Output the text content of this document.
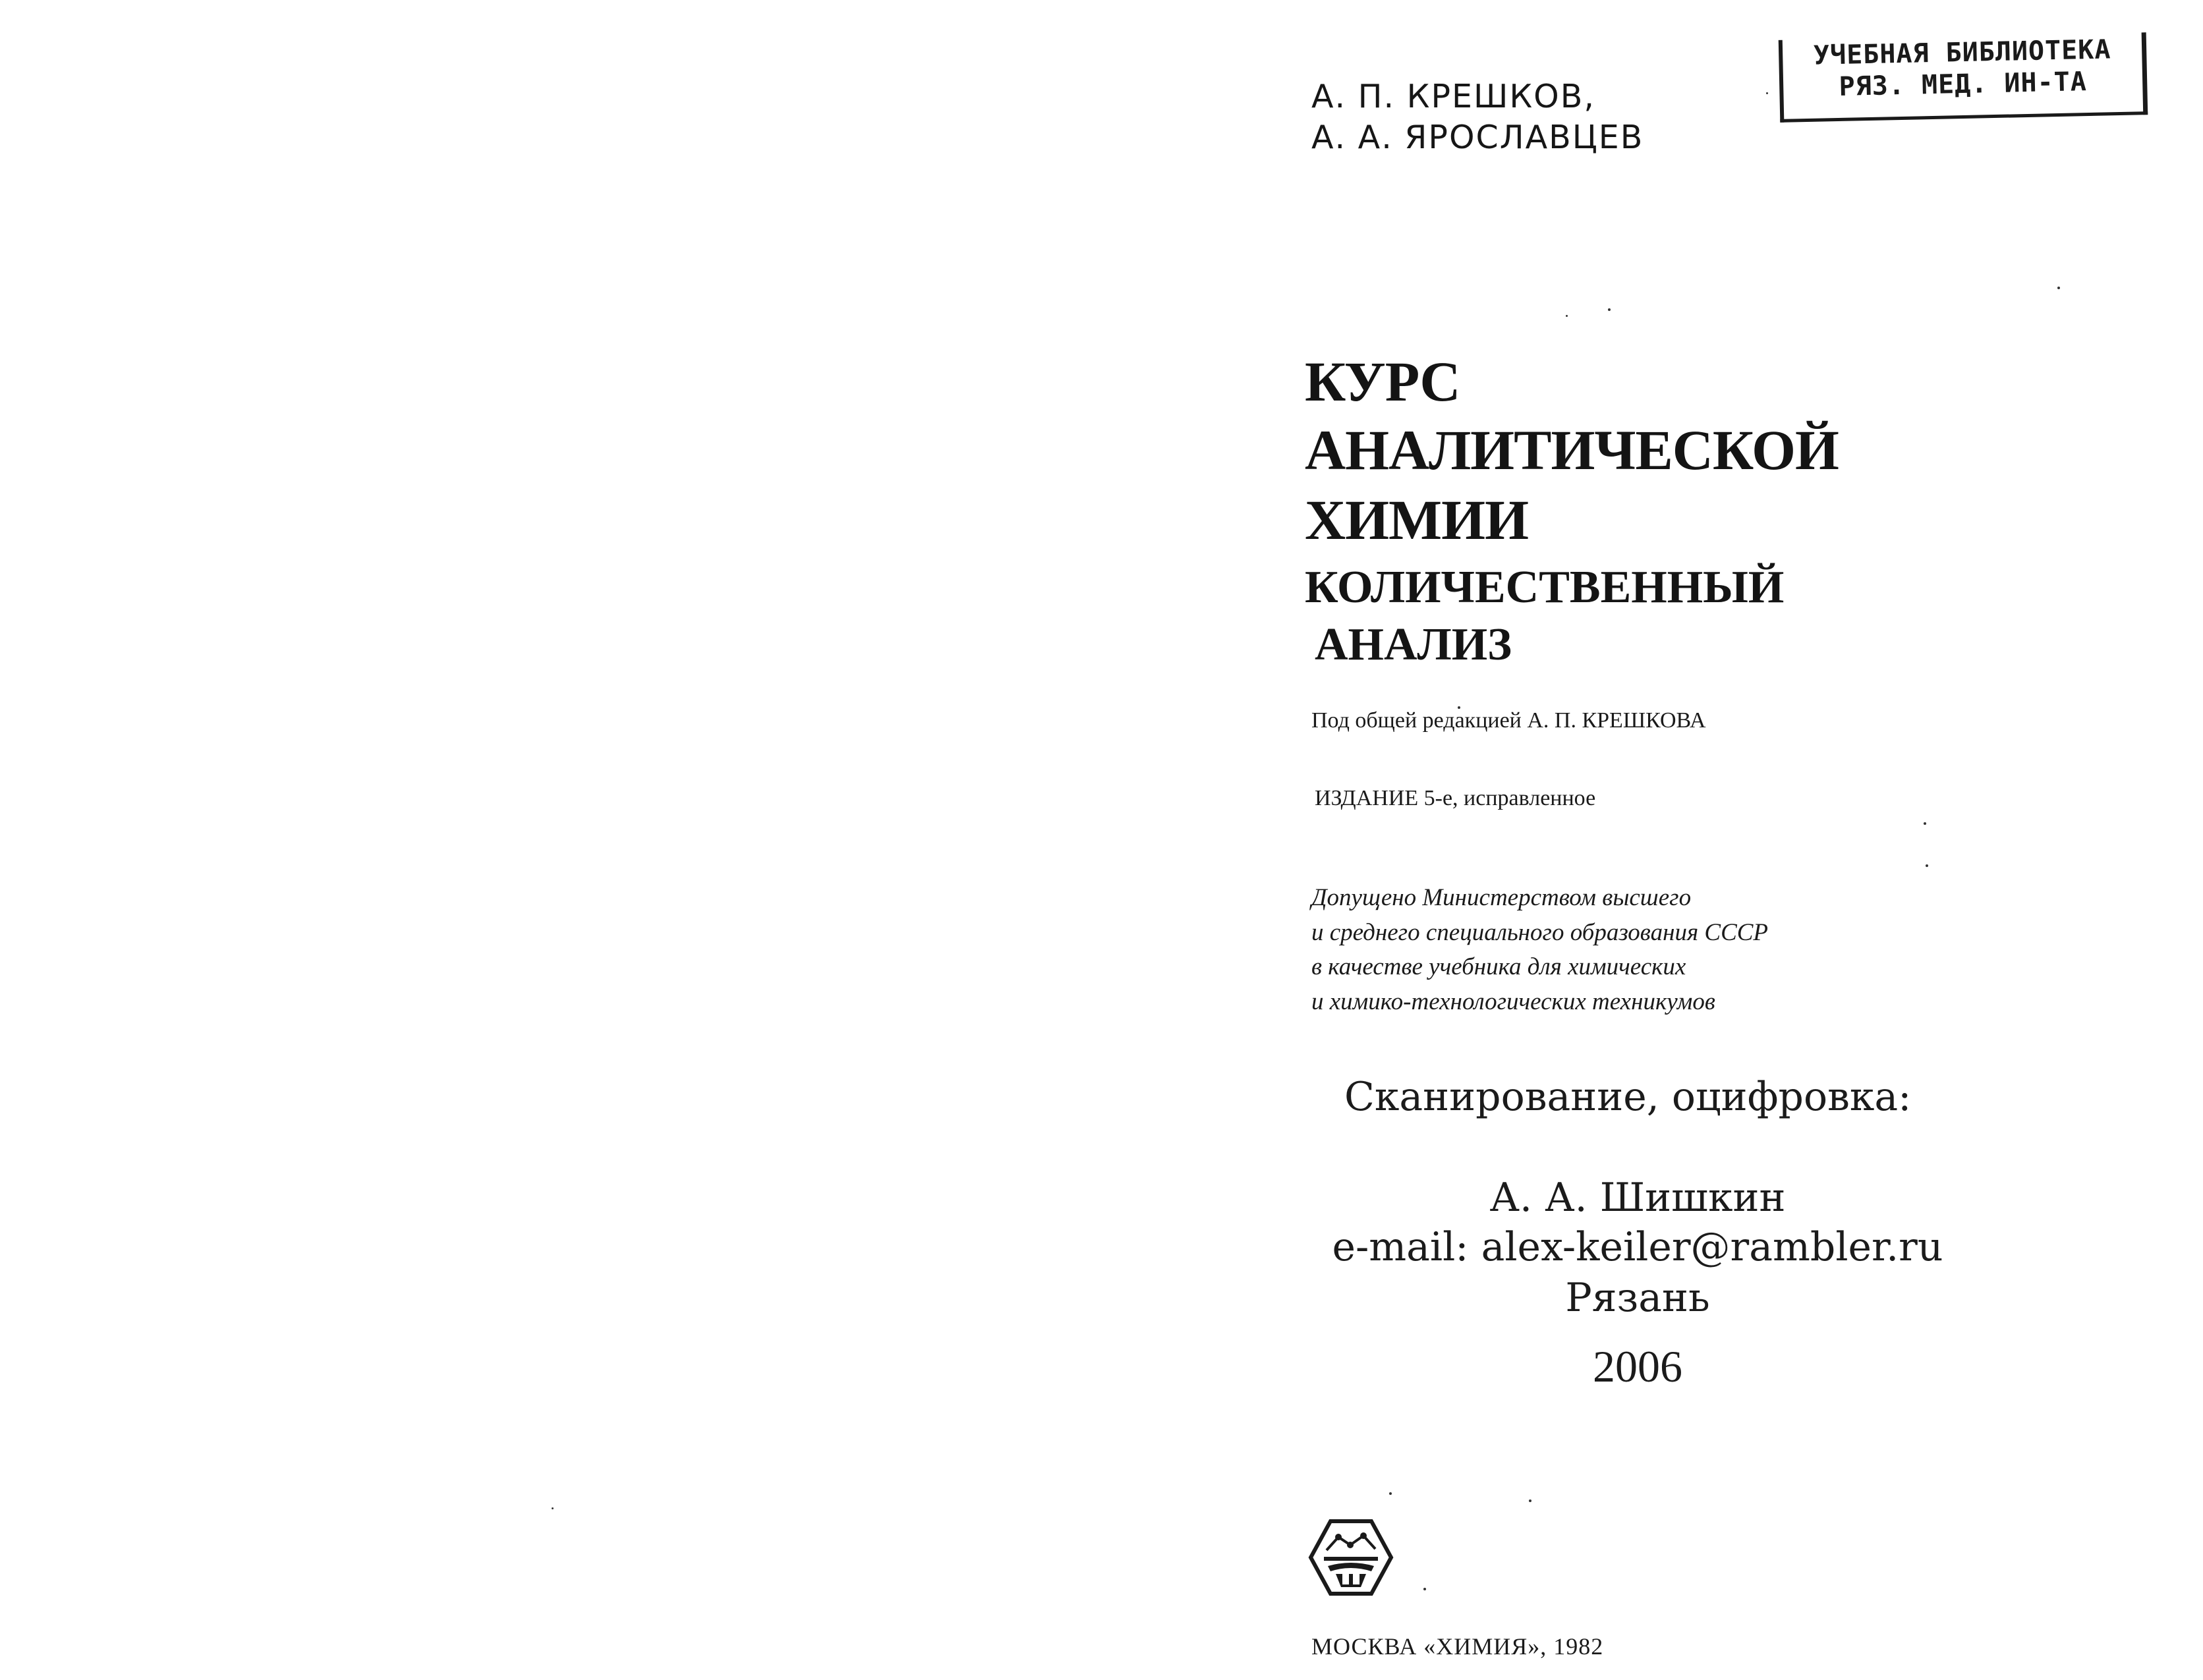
А. П. КРЕШКОВ,
А. А. ЯРОСЛАВЦЕВ
УЧЕБНАЯ БИБЛИОТЕКА
РЯЗ. МЕД. ИН-ТА
КУРС
АНАЛИТИЧЕСКОЙ
ХИМИИ
КОЛИЧЕСТВЕННЫЙ
АНАЛИЗ
Под общей редакцией А. П. КРЕШКОВА
ИЗДАНИЕ 5-е, исправленное
Допущено Министерством высшего
и среднего специального образования СССР
в качестве учебника для химических
и химико-технологических техникумов
Сканирование, оцифровка:
А. А. Шишкин
e-mail: alex-keiler@rambler.ru
Рязань
2006
МОСКВА «ХИМИЯ», 1982
